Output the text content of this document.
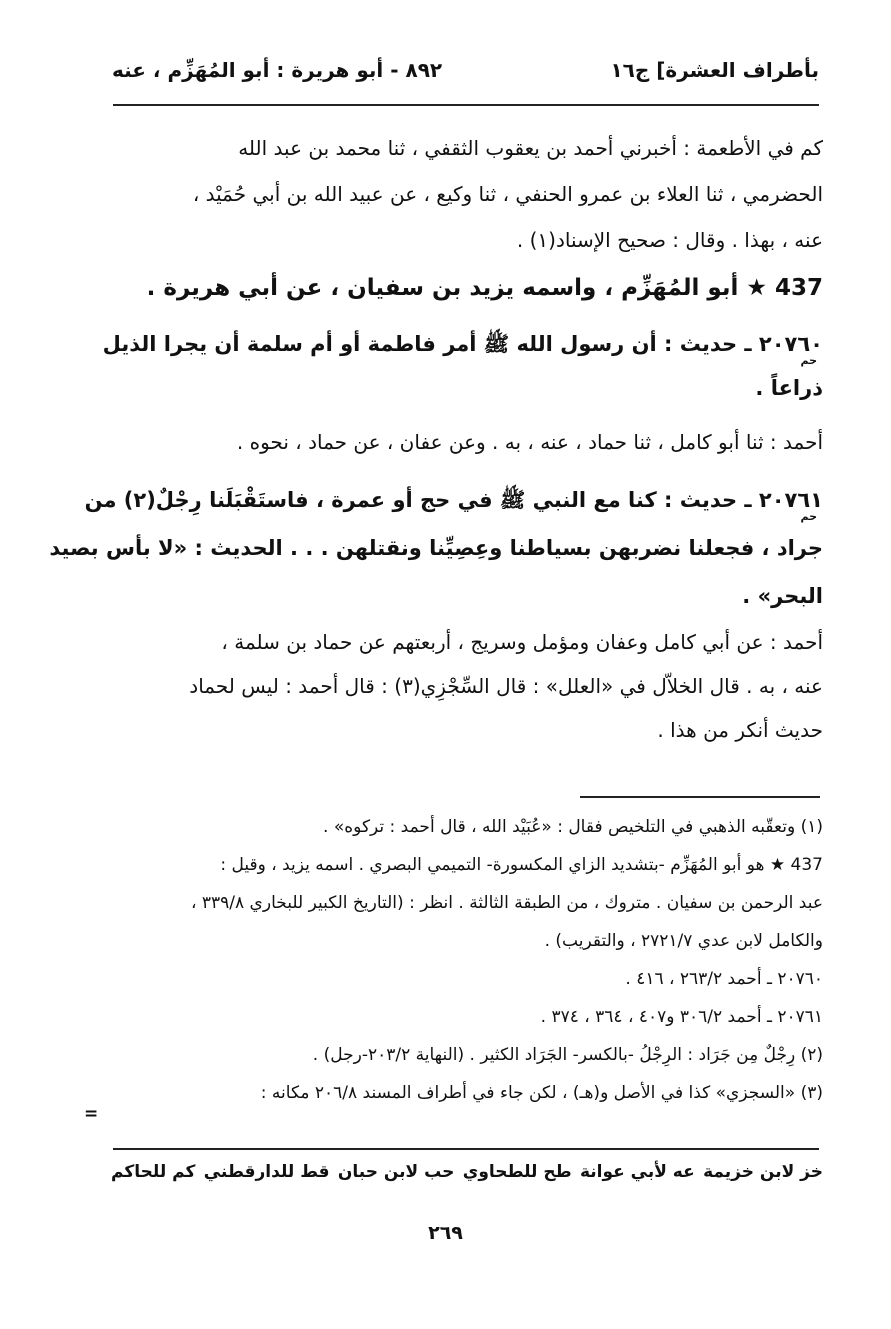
بأطراف العشرة] ج١٦
٨٩٢ - أبو هريرة : أبو المُهَزِّم ، عنه
كم في الأطعمة : أخبرني أحمد بن يعقوب الثقفي ، ثنا محمد بن عبد الله
الحضرمي ، ثنا العلاء بن عمرو الحنفي ، ثنا وكيع ، عن عبيد الله بن أبي حُمَيْد ،
عنه ، بهذا . وقال : صحيح الإسناد(١) .
437 ★ أبو المُهَزِّم ، واسمه يزيد بن سفيان ، عن أبي هريرة .
٢٠٧٦٠ ـ حديث : أن رسول الله ﷺ أمر فاطمة أو أم سلمة أن يجرا الذيل
ذراعاً .
حم
أحمد : ثنا أبو كامل ، ثنا حماد ، عنه ، به . وعن عفان ، عن حماد ، نحوه .
٢٠٧٦١ ـ حديث : كنا مع النبي ﷺ في حج أو عمرة ، فاستَقْبَلَنا رِجْلٌ(٢) من
جراد ، فجعلنا نضربهن بسياطنا وعِصِيِّنا ونقتلهن . . . الحديث : «لا بأس بصيد
البحر» .
حم
أحمد : عن أبي كامل وعفان ومؤمل وسريج ، أربعتهم عن حماد بن سلمة ،
عنه ، به . قال الخلاّل في «العلل» : قال السِّجْزِي(٣) : قال أحمد : ليس لحماد
حديث أنكر من هذا .
(١) وتعقّبه الذهبي في التلخيص فقال : «عُبَيْد الله ، قال أحمد : تركوه» .
437 ★ هو أبو المُهَزِّم -بتشديد الزاي المكسورة- التميمي البصري . اسمه يزيد ، وقيل :
عبد الرحمن بن سفيان . متروك ، من الطبقة الثالثة . انظر : (التاريخ الكبير للبخاري ٣٣٩/٨ ،
والكامل لابن عدي ٢٧٢١/٧ ، والتقريب) .
٢٠٧٦٠ ـ أحمد ٢٦٣/٢ ، ٤١٦ .
٢٠٧٦١ ـ أحمد ٣٠٦/٢ و٤٠٧ ، ٣٦٤ ، ٣٧٤ .
(٢) رِجْلٌ مِن جَرَاد : الرِجْلُ -بالكسر- الجَرَاد الكثير . (النهاية ٢٠٣/٢-رجل) .
(٣) «السجزي» كذا في الأصل و(هـ) ، لكن جاء في أطراف المسند ٢٠٦/٨ مكانه :
=
خز لابن خزيمة
عه لأبي عوانة
طح للطحاوي
حب لابن حبان
قط للدارقطني
كم للحاكم
٢٦٩
